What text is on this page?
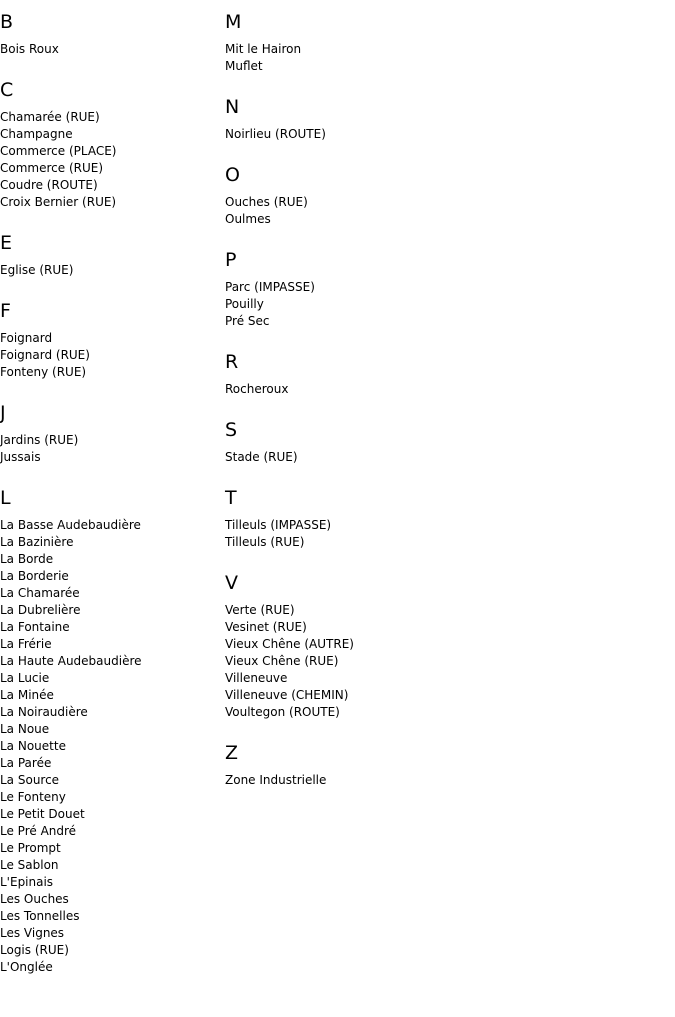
B
Bois Roux
C
Chamarée (RUE)
Champagne
Commerce (PLACE)
Commerce (RUE)
Coudre (ROUTE)
Croix Bernier (RUE)
E
Eglise (RUE)
F
Foignard
Foignard (RUE)
Fonteny (RUE)
J
Jardins (RUE)
Jussais
L
La Basse Audebaudière
La Bazinière
La Borde
La Borderie
La Chamarée
La Dubrelière
La Fontaine
La Frérie
La Haute Audebaudière
La Lucie
La Minée
La Noiraudière
La Noue
La Nouette
La Parée
La Source
Le Fonteny
Le Petit Douet
Le Pré André
Le Prompt
Le Sablon
L'Epinais
Les Ouches
Les Tonnelles
Les Vignes
Logis (RUE)
L'Onglée
M
Mit le Hairon
Muflet
N
Noirlieu (ROUTE)
O
Ouches (RUE)
Oulmes
P
Parc (IMPASSE)
Pouilly
Pré Sec
R
Rocheroux
S
Stade (RUE)
T
Tilleuls (IMPASSE)
Tilleuls (RUE)
V
Verte (RUE)
Vesinet (RUE)
Vieux Chêne (AUTRE)
Vieux Chêne (RUE)
Villeneuve
Villeneuve (CHEMIN)
Voultegon (ROUTE)
Z
Zone Industrielle
